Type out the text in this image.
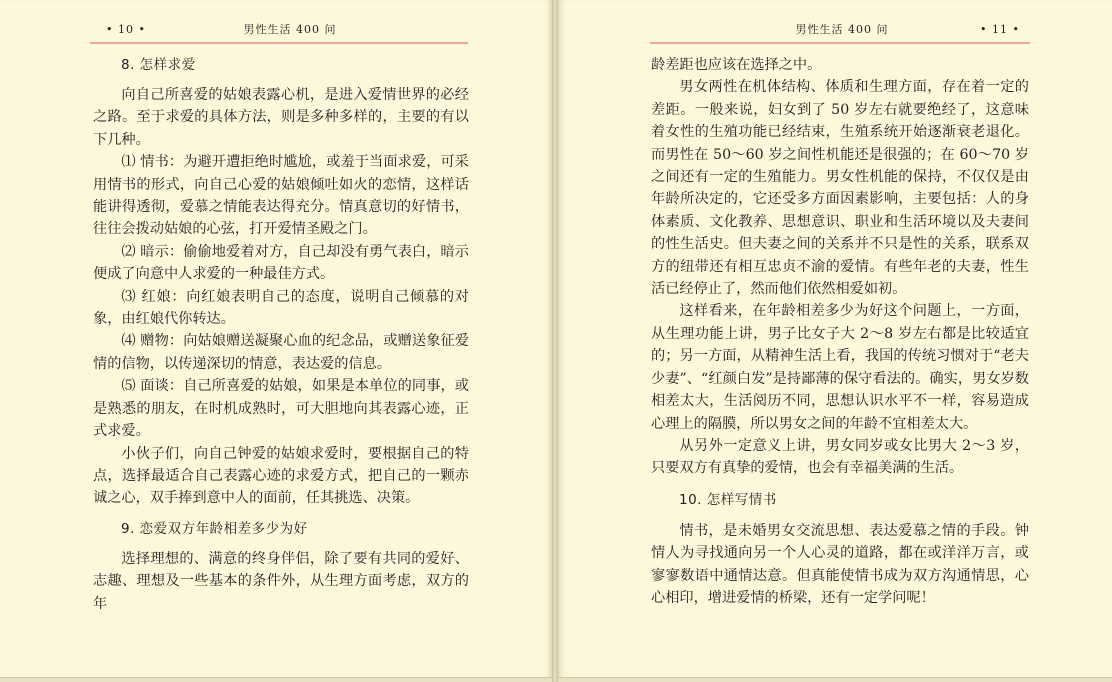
• 10 •	男性生活 400 问
8. 怎样求爱

向自己所喜爱的姑娘表露心机，是进入爱情世界的必经之路。至于求爱的具体方法，则是多种多样的，主要的有以下几种。

⑴ 情书：为避开遭拒绝时尴尬，或羞于当面求爱，可采用情书的形式，向自己心爱的姑娘倾吐如火的恋情，这样话能讲得透彻，爱慕之情能表达得充分。情真意切的好情书，往往会拨动姑娘的心弦，打开爱情圣殿之门。

⑵ 暗示：偷偷地爱着对方，自己却没有勇气表白，暗示便成了向意中人求爱的一种最佳方式。

⑶ 红娘：向红娘表明自己的态度，说明自己倾慕的对象，由红娘代你转达。

⑷ 赠物：向姑娘赠送凝聚心血的纪念品，或赠送象征爱情的信物，以传递深切的情意，表达爱的信息。

⑸ 面谈：自己所喜爱的姑娘，如果是本单位的同事，或是熟悉的朋友，在时机成熟时，可大胆地向其表露心迹，正式求爱。

小伙子们，向自己钟爱的姑娘求爱时，要根据自己的特点，选择最适合自己表露心迹的求爱方式，把自己的一颗赤诚之心，双手捧到意中人的面前，任其挑选、决策。

9. 恋爱双方年龄相差多少为好

选择理想的、满意的终身伴侣，除了要有共同的爱好、志趣、理想及一些基本的条件外，从生理方面考虑，双方的年

男性生活 400 问	• 11 •

龄差距也应该在选择之中。

男女两性在机体结构、体质和生理方面，存在着一定的差距。一般来说，妇女到了 50 岁左右就要绝经了，这意味着女性的生殖功能已经结束，生殖系统开始逐渐衰老退化。而男性在 50～60 岁之间性机能还是很强的；在 60～70 岁之间还有一定的生殖能力。男女性机能的保持，不仅仅是由年龄所决定的，它还受多方面因素影响，主要包括：人的身体素质、文化教养、思想意识、职业和生活环境以及夫妻间的性生活史。但夫妻之间的关系并不只是性的关系，联系双方的纽带还有相互忠贞不渝的爱情。有些年老的夫妻，性生活已经停止了，然而他们依然相爱如初。

这样看来，在年龄相差多少为好这个问题上，一方面，从生理功能上讲，男子比女子大 2～8 岁左右都是比较适宜的；另一方面，从精神生活上看，我国的传统习惯对于“老夫少妻”、“红颜白发”是持鄙薄的保守看法的。确实，男女岁数相差太大，生活阅历不同，思想认识水平不一样，容易造成心理上的隔膜，所以男女之间的年龄不宜相差太大。

从另外一定意义上讲，男女同岁或女比男大 2～3 岁，只要双方有真挚的爱情，也会有幸福美满的生活。

10. 怎样写情书

情书，是未婚男女交流思想、表达爱慕之情的手段。钟情人为寻找通向另一个人心灵的道路，都在或洋洋万言，或寥寥数语中通情达意。但真能使情书成为双方沟通情思，心心相印，增进爱情的桥梁，还有一定学问呢！
